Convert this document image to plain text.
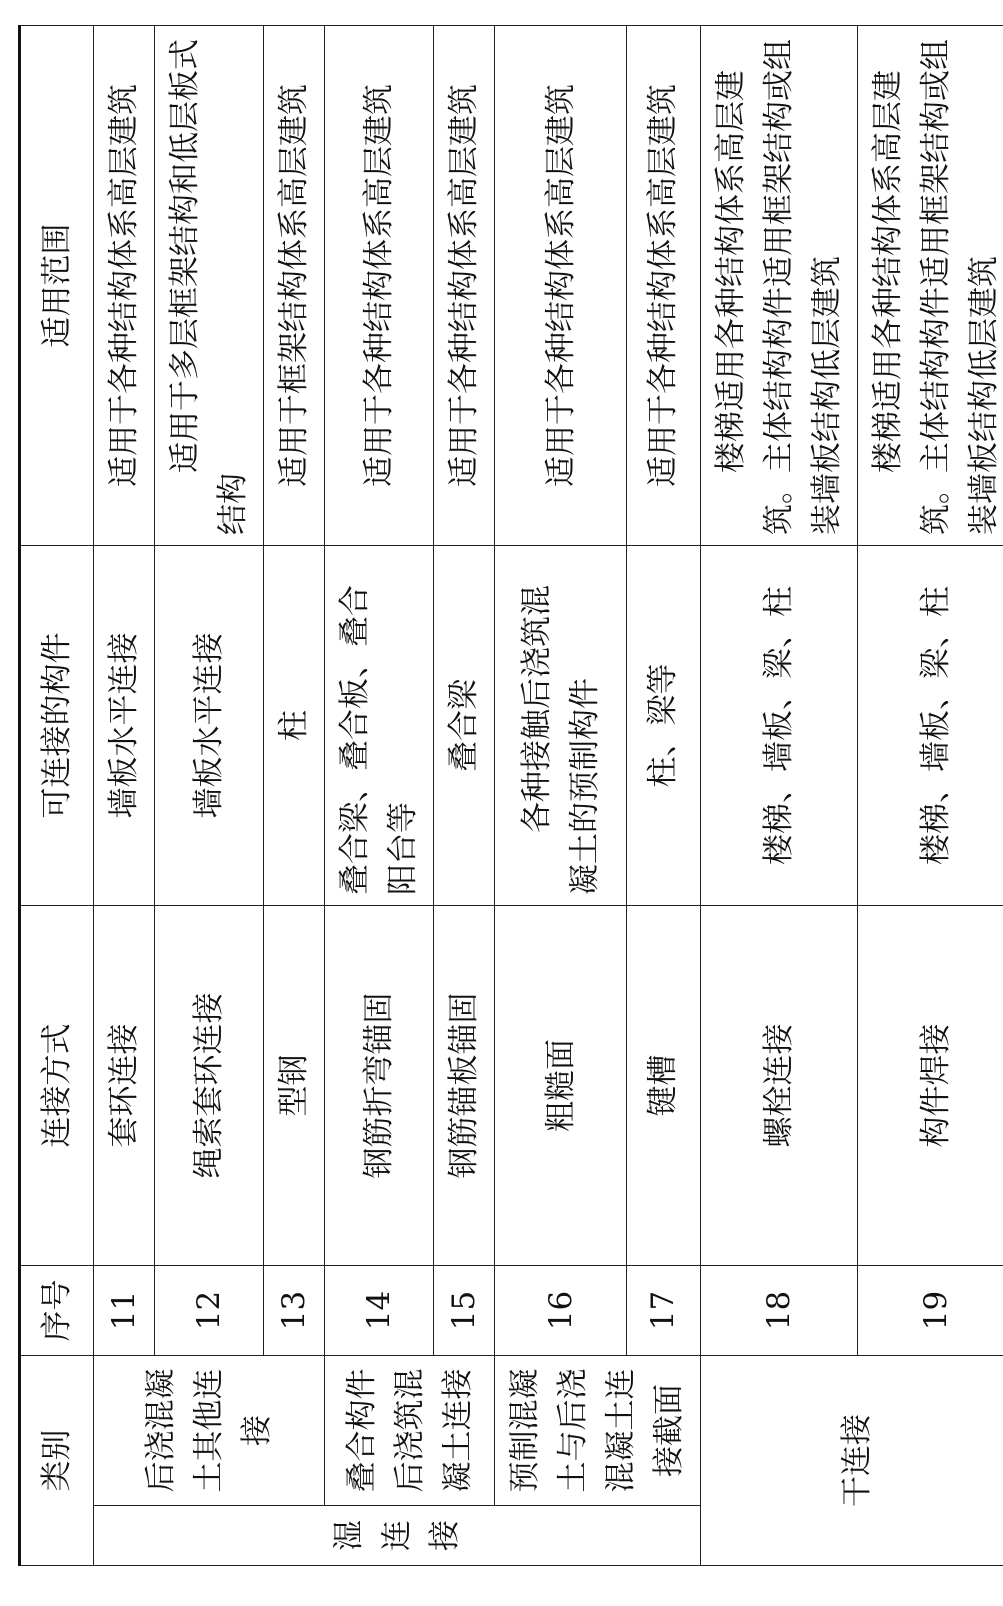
类别		序号	连接方式	可连接的构件	适用范围
湿连接	后浇混凝土其他连接	11	套环连接	墙板水平连接	适用于各种结构体系高层建筑
		12	绳索套环连接	墙板水平连接	适用于多层框架结构和低层板式结构
		13	型钢	柱	适用于框架结构体系高层建筑
	叠合构件后浇筑混凝土连接	14	钢筋折弯锚固	叠合梁、叠合板、叠合阳台等	适用于各种结构体系高层建筑
		15	钢筋锚板锚固	叠合梁	适用于各种结构体系高层建筑
	预制混凝土与后浇混凝土连接截面	16	粗糙面	各种接触后浇筑混凝土的预制构件	适用于各种结构体系高层建筑
		17	键槽	柱、梁等	适用于各种结构体系高层建筑
干连接		18	螺栓连接	楼梯、墙板、梁、柱	楼梯适用各种结构体系高层建筑。主体结构构件适用框架结构或组装墙板结构低层建筑
		19	构件焊接	楼梯、墙板、梁、柱	楼梯适用各种结构体系高层建筑。主体结构构件适用框架结构或组装墙板结构低层建筑
